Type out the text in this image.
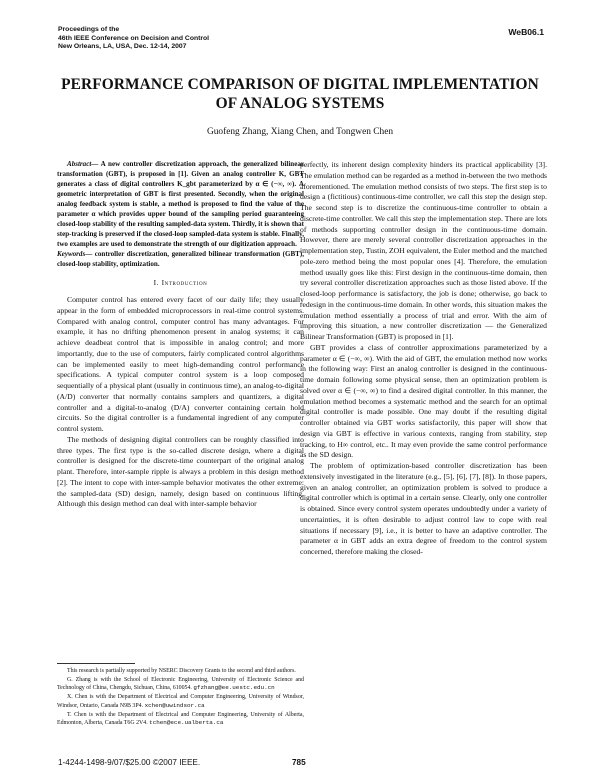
Proceedings of the
46th IEEE Conference on Decision and Control
New Orleans, LA, USA, Dec. 12-14, 2007
WeB06.1
PERFORMANCE COMPARISON OF DIGITAL IMPLEMENTATION
OF ANALOG SYSTEMS
Guofeng Zhang, Xiang Chen, and Tongwen Chen

Abstract— A new controller discretization approach, the generalized bilinear transformation (GBT), is proposed in [1]. Given an analog controller K, GBT generates a class of digital controllers K_gbt parameterized by α ∈ (−∞, ∞). A geometric interpretation of GBT is first presented. Secondly, when the original analog feedback system is stable, a method is proposed to find the value of the parameter α which provides upper bound of the sampling period guaranteeing closed-loop stability of the resulting sampled-data system. Thirdly, it is shown that step-tracking is preserved if the closed-loop sampled-data system is stable. Finally, two examples are used to demonstrate the strength of our digitization approach.

Keywords— controller discretization, generalized bilinear transformation (GBT), closed-loop stability, optimization.

I. Introduction

Computer control has entered every facet of our daily life; they usually appear in the form of embedded microprocessors in real-time control systems. Compared with analog control, computer control has many advantages. For example, it has no drifting phenomenon present in analog systems; it can achieve deadbeat control that is impossible in analog control; and more importantly, due to the use of computers, fairly complicated control algorithms can be implemented easily to meet high-demanding control performance specifications. A typical computer control system is a loop composed sequentially of a physical plant (usually in continuous time), an analog-to-digital (A/D) converter that normally contains samplers and quantizers, a digital controller and a digital-to-analog (D/A) converter containing certain hold circuits. So the digital controller is a fundamental ingredient of any computer control system.

The methods of designing digital controllers can be roughly classified into three types. The first type is the so-called discrete design, where a digital controller is designed for the discrete-time counterpart of the original analog plant. Therefore, inter-sample ripple is always a problem in this design method [2]. The intent to cope with inter-sample behavior motivates the other extreme: the sampled-data (SD) design, namely, design based on continuous lifting. Although this design method can deal with inter-sample behavior

perfectly, its inherent design complexity hinders its practical applicability [3]. The emulation method can be regarded as a method in-between the two methods aforementioned. The emulation method consists of two steps. The first step is to design a (fictitious) continuous-time controller, we call this step the design step. The second step is to discretize the continuous-time controller to obtain a discrete-time controller. We call this step the implementation step. There are lots of methods supporting controller design in the continuous-time domain. However, there are merely several controller discretization approaches in the implementation step, Tustin, ZOH equivalent, the Euler method and the matched pole-zero method being the most popular ones [4]. Therefore, the emulation method usually goes like this: First design in the continuous-time domain, then try several controller discretization approaches such as those listed above. If the closed-loop performance is satisfactory, the job is done; otherwise, go back to redesign in the continuous-time domain. In other words, this situation makes the emulation method essentially a process of trial and error. With the aim of improving this situation, a new controller discretization — the Generalized Bilinear Transformation (GBT) is proposed in [1].

GBT provides a class of controller approximations parameterized by a parameter α ∈ (−∞, ∞). With the aid of GBT, the emulation method now works in the following way: First an analog controller is designed in the continuous-time domain following some physical sense, then an optimization problem is solved over α ∈ (−∞, ∞) to find a desired digital controller. In this manner, the emulation method becomes a systematic method and the search for an optimal digital controller is made possible. One may doubt if the resulting digital controller obtained via GBT works satisfactorily, this paper will show that design via GBT is effective in various contexts, ranging from stability, step tracking, to H∞ control, etc.. It may even provide the same control performance as the SD design.

The problem of optimization-based controller discretization has been extensively investigated in the literature (e.g., [5], [6], [7], [8]). In those papers, given an analog controller, an optimization problem is solved to produce a digital controller which is optimal in a certain sense. Clearly, only one controller is obtained. Since every control system operates undoubtedly under a variety of uncertainties, it is often desirable to adjust control law to cope with real situations if necessary [9], i.e., it is better to have an adaptive controller. The parameter α in GBT adds an extra degree of freedom to the control system concerned, therefore making the closed-

This research is partially supported by NSERC Discovery Grants to the second and third authors.

G. Zhang is with the School of Electronic Engineering, University of Electronic Science and Technology of China, Chengdu, Sichuan, China, 610054. gfzhang@ee.uestc.edu.cn

X. Chen is with the Department of Electrical and Computer Engineering, University of Windsor, Windsor, Ontario, Canada N9B 3P4. xchen@uwindsor.ca

T. Chen is with the Department of Electrical and Computer Engineering, University of Alberta, Edmonton, Alberta, Canada T6G 2V4. tchen@ece.ualberta.ca

1-4244-1498-9/07/$25.00 ©2007 IEEE.	785
